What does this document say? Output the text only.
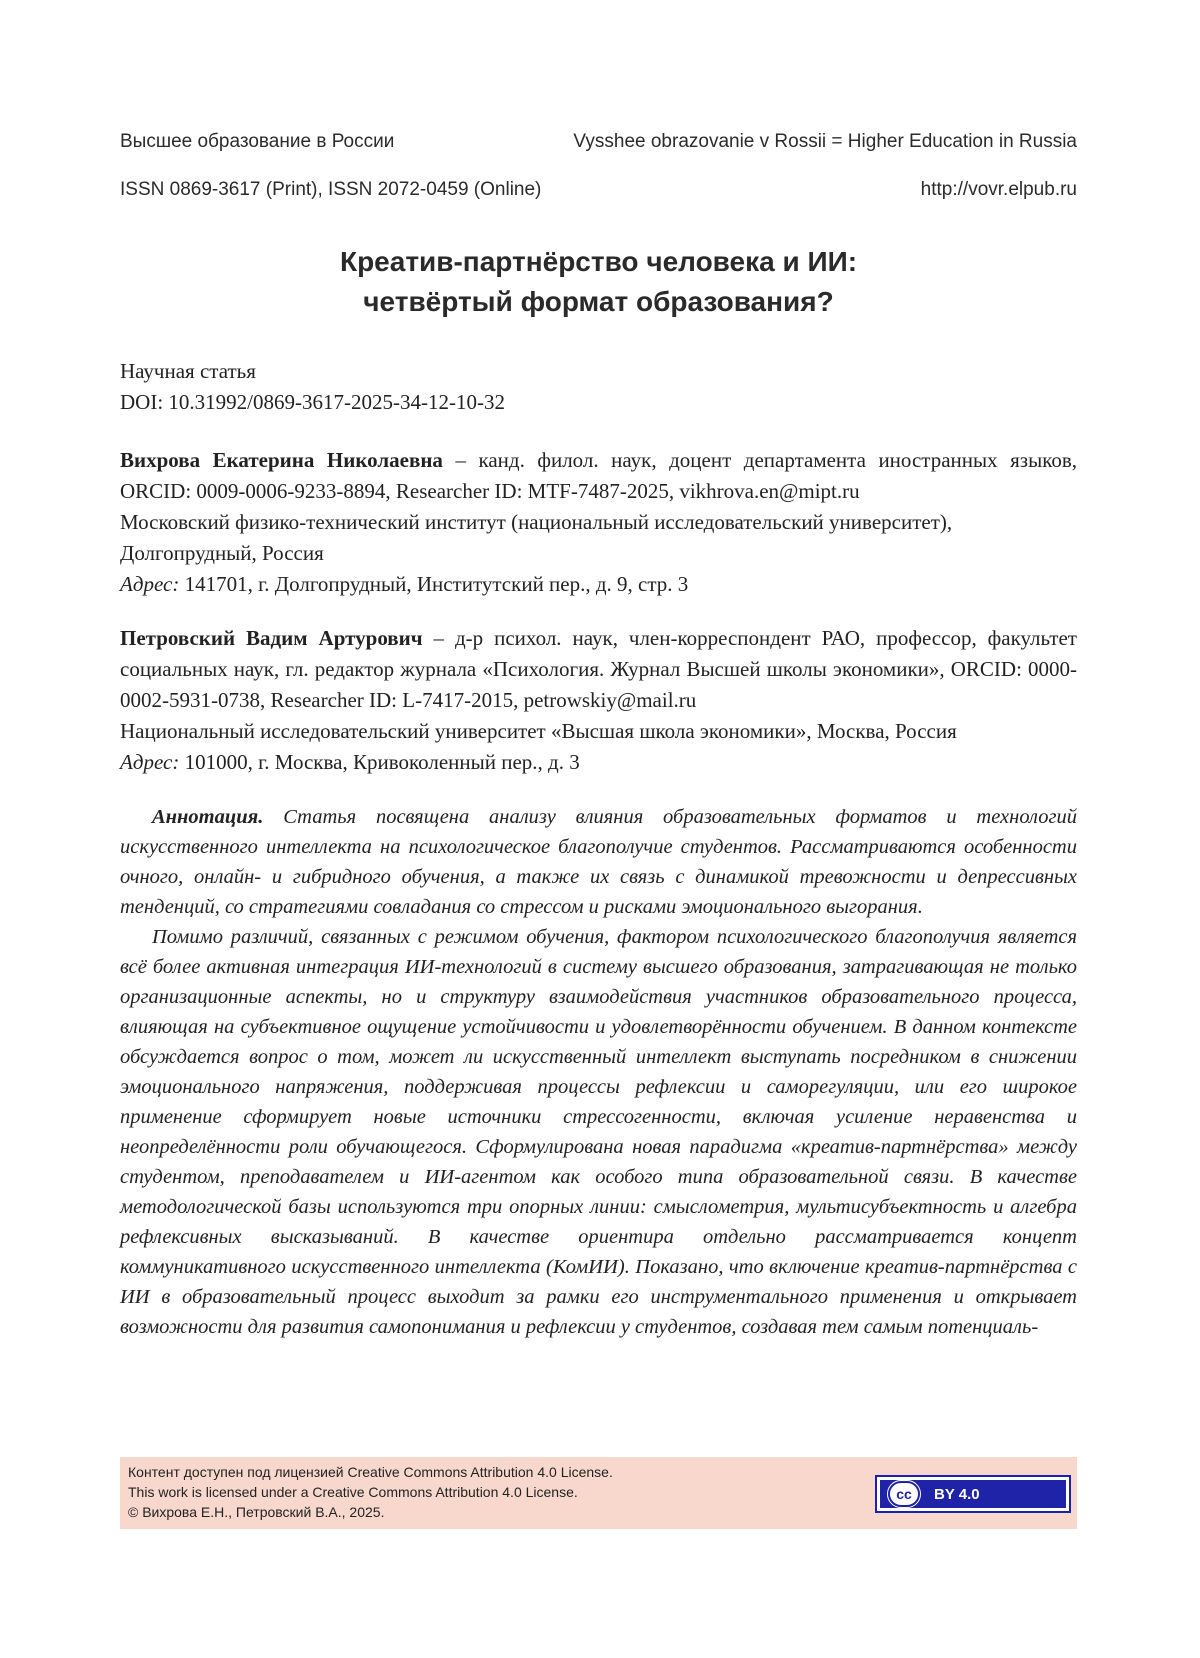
Высшее образование в России	Vysshee obrazovanie v Rossii = Higher Education in Russia
ISSN 0869-3617 (Print), ISSN 2072-0459 (Online)	http://vovr.elpub.ru
Креатив-партнёрство человека и ИИ:
четвёртый формат образования?
Научная статья
DOI: 10.31992/0869-3617-2025-34-12-10-32
Вихрова Екатерина Николаевна – канд. филол. наук, доцент департамента иностранных языков, ORCID: 0009-0006-9233-8894, Researcher ID: MTF-7487-2025, vikhrova.en@mipt.ru
Московский физико-технический институт (национальный исследовательский университет), Долгопрудный, Россия
Адрес: 141701, г. Долгопрудный, Институтский пер., д. 9, стр. 3
Петровский Вадим Артурович – д-р психол. наук, член-корреспондент РАО, профессор, факультет социальных наук, гл. редактор журнала «Психология. Журнал Высшей школы экономики», ORCID: 0000-0002-5931-0738, Researcher ID: L-7417-2015, petrowskiy@mail.ru
Национальный исследовательский университет «Высшая школа экономики», Москва, Россия
Адрес: 101000, г. Москва, Кривоколенный пер., д. 3

Аннотация. Статья посвящена анализу влияния образовательных форматов и технологий искусственного интеллекта на психологическое благополучие студентов. Рассматриваются особенности очного, онлайн- и гибридного обучения, а также их связь с динамикой тревожности и депрессивных тенденций, со стратегиями совладания со стрессом и рисками эмоционального выгорания.

Помимо различий, связанных с режимом обучения, фактором психологического благополучия является всё более активная интеграция ИИ-технологий в систему высшего образования, затрагивающая не только организационные аспекты, но и структуру взаимодействия участников образовательного процесса, влияющая на субъективное ощущение устойчивости и удовлетворённости обучением. В данном контексте обсуждается вопрос о том, может ли искусственный интеллект выступать посредником в снижении эмоционального напряжения, поддерживая процессы рефлексии и саморегуляции, или его широкое применение сформирует новые источники стрессогенности, включая усиление неравенства и неопределённости роли обучающегося. Сформулирована новая парадигма «креатив-партнёрства» между студентом, преподавателем и ИИ-агентом как особого типа образовательной связи. В качестве методологической базы используются три опорных линии: смыслометрия, мультисубъектность и алгебра рефлексивных высказываний. В качестве ориентира отдельно рассматривается концепт коммуникативного искусственного интеллекта (КомИИ). Показано, что включение креатив-партнёрства с ИИ в образовательный процесс выходит за рамки его инструментального применения и открывает возможности для развития самопонимания и рефлексии у студентов, создавая тем самым потенциаль-

Контент доступен под лицензией Creative Commons Attribution 4.0 License.
This work is licensed under a Creative Commons Attribution 4.0 License.
© Вихрова Е.Н., Петровский В.А., 2025.
cc	BY 4.0
